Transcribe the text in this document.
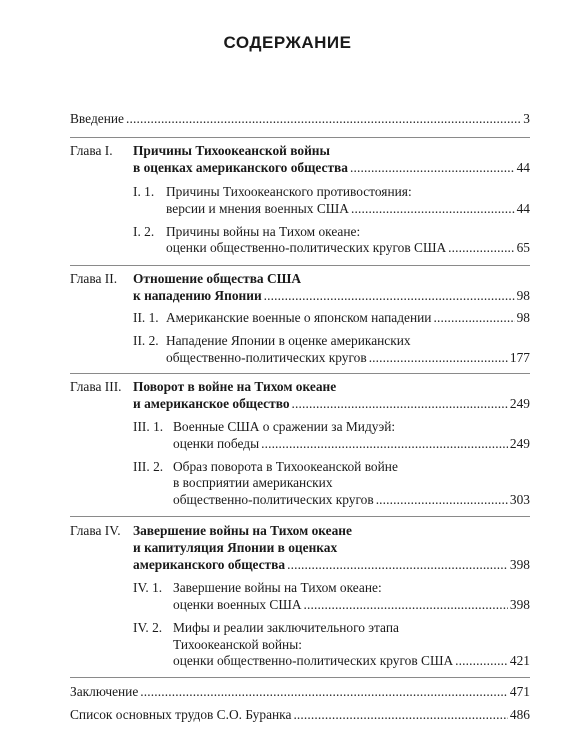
СОДЕРЖАНИЕ
Введение . . .	3
Глава I. Причины Тихоокеанской войны
в оценках американского общества . . .	44
I. 1. Причины Тихоокеанского противостояния:
версии и мнения военных США . . .	44
I. 2. Причины войны на Тихом океане:
оценки общественно-политических кругов США . . .	65
Глава II. Отношение общества США
к нападению Японии . . .	98
II. 1. Американские военные о японском нападении . . .	98
II. 2. Нападение Японии в оценке американских
общественно-политических кругов . . .	177
Глава III. Поворот в войне на Тихом океане
и американское общество . . .	249
III. 1. Военные США о сражении за Мидуэй:
оценки победы . . .	249
III. 2. Образ поворота в Тихоокеанской войне
в восприятии американских
общественно-политических кругов . . .	303
Глава IV. Завершение войны на Тихом океане
и капитуляция Японии в оценках
американского общества . . .	398
IV. 1. Завершение войны на Тихом океане:
оценки военных США . . .	398
IV. 2. Мифы и реалии заключительного этапа
Тихоокеанской войны:
оценки общественно-политических кругов США . . .	421
Заключение . . .	471
Список основных трудов С.О. Буранка . . .	486
